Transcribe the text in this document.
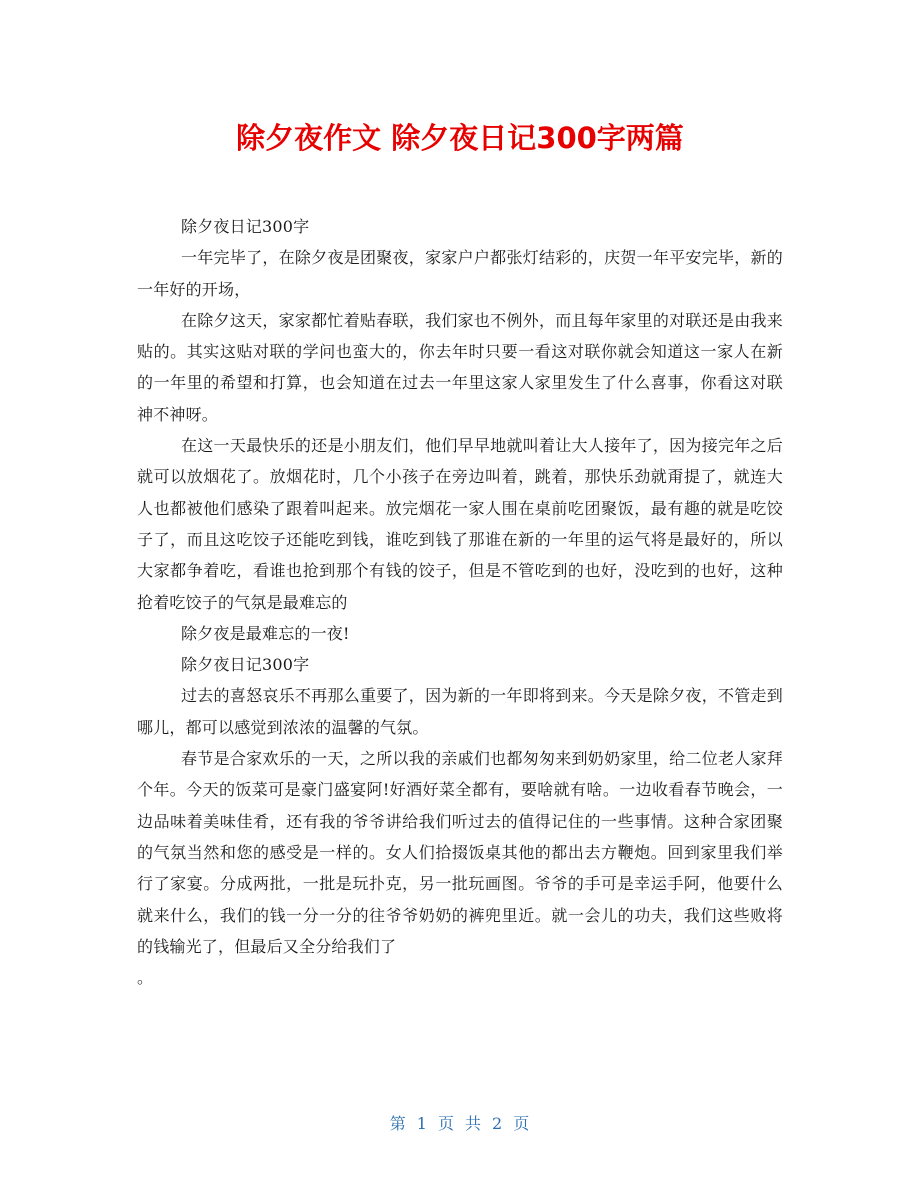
除夕夜作文 除夕夜日记300字两篇

除夕夜日记300字

一年完毕了，在除夕夜是团聚夜，家家户户都张灯结彩的，庆贺一年平安完毕，新的一年好的开场，

在除夕这天，家家都忙着贴春联，我们家也不例外，而且每年家里的对联还是由我来贴的。其实这贴对联的学问也蛮大的，你去年时只要一看这对联你就会知道这一家人在新的一年里的希望和打算，也会知道在过去一年里这家人家里发生了什么喜事，你看这对联神不神呀。

在这一天最快乐的还是小朋友们，他们早早地就叫着让大人接年了，因为接完年之后就可以放烟花了。放烟花时，几个小孩子在旁边叫着，跳着，那快乐劲就甭提了，就连大人也都被他们感染了跟着叫起来。放完烟花一家人围在桌前吃团聚饭，最有趣的就是吃饺子了，而且这吃饺子还能吃到钱，谁吃到钱了那谁在新的一年里的运气将是最好的，所以大家都争着吃，看谁也抢到那个有钱的饺子，但是不管吃到的也好，没吃到的也好，这种抢着吃饺子的气氛是最难忘的

除夕夜是最难忘的一夜!

除夕夜日记300字

过去的喜怒哀乐不再那么重要了，因为新的一年即将到来。今天是除夕夜，不管走到哪儿，都可以感觉到浓浓的温馨的气氛。

春节是合家欢乐的一天，之所以我的亲戚们也都匆匆来到奶奶家里，给二位老人家拜个年。今天的饭菜可是豪门盛宴阿!好酒好菜全都有，要啥就有啥。一边收看春节晚会，一边品味着美味佳肴，还有我的爷爷讲给我们听过去的值得记住的一些事情。这种合家团聚的气氛当然和您的感受是一样的。女人们拾掇饭桌其他的都出去方鞭炮。回到家里我们举行了家宴。分成两批，一批是玩扑克，另一批玩画图。爷爷的手可是幸运手阿，他要什么就来什么，我们的钱一分一分的往爷爷奶奶的裤兜里近。就一会儿的功夫，我们这些败将的钱输光了，但最后又全分给我们了

。

第 1 页 共 2 页
